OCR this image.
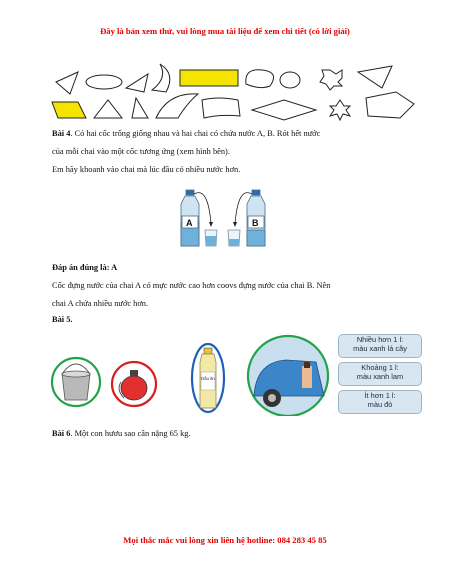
Đây là bản xem thử, vui lòng mua tài liệu để xem chi tiết (có lời giải)
Bài 4. Có hai cốc trống giống nhau và hai chai có chứa nước A, B. Rót hết nước
của mỗi chai vào một cốc tương ứng (xem hình bên).
Em hãy khoanh vào chai mà lúc đầu có nhiều nước hơn.
A	B
Đáp án đúng là: A
Cốc đựng nước của chai A có mực nước cao hơn coovs đựng nước của chai B. Nên
chai A chứa nhiều nước hơn.
Bài 5.
Dầu ăn
Nhiều hơn 1 l:
màu xanh lá cây
Khoảng 1 l:
màu xanh lam
Ít hơn 1 l:
màu đỏ
Bài 6. Một con hươu sao cân nặng 65 kg.
Mọi thắc mắc vui lòng xin liên hệ hotline: 084 283 45 85
